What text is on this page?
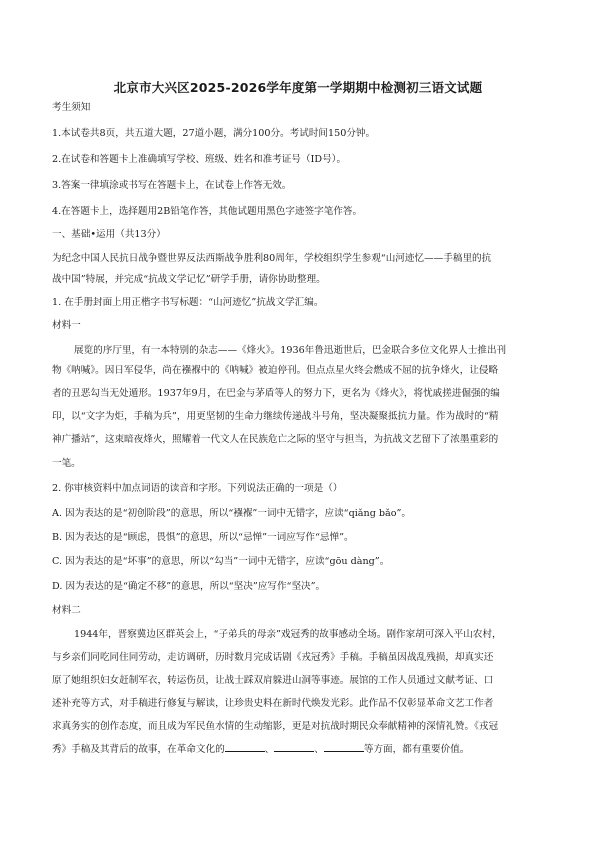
北京市大兴区2025-2026学年度第一学期期中检测初三语文试题
考生须知
1.本试卷共8页，共五道大题，27道小题，满分100分。考试时间150分钟。
2.在试卷和答题卡上准确填写学校、班级、姓名和准考证号（ID号）。
3.答案一律填涂或书写在答题卡上，在试卷上作答无效。
4.在答题卡上，选择题用2B铅笔作答，其他试题用黑色字迹签字笔作答。
一、基础•运用（共13分）
为纪念中国人民抗日战争暨世界反法西斯战争胜利80周年，学校组织学生参观“山河迹忆——手稿里的抗
战中国”特展，并完成“抗战文学记忆”研学手册，请你协助整理。
1. 在手册封面上用正楷字书写标题：“山河迹忆”抗战文学汇编。
材料一
展览的序厅里，有一本特别的杂志——《烽火》。1936年鲁迅逝世后，巴金联合多位文化界人士推出刊
物《呐喊》。因日军侵华，尚在襁褓中的《呐喊》被迫停刊。但点点星火终会燃成不屈的抗争烽火，让侵略
者的丑恶勾当无处遁形。1937年9月，在巴金与茅盾等人的努力下，更名为《烽火》，将忧戚搓进倔强的编
印，以“文字为炬，手稿为兵”，用更坚韧的生命力继续传递战斗号角，坚决凝聚抵抗力量。作为战时的“精
神广播站”，这束暗夜烽火，照耀着一代文人在民族危亡之际的坚守与担当，为抗战文艺留下了浓墨重彩的
一笔。
2. 你审核资料中加点词语的读音和字形。下列说法正确的一项是（）
A. 因为表达的是“初创阶段”的意思，所以“襁褓”一词中无错字，应读“qiǎng bǎo”。
B. 因为表达的是“顾虑，畏惧”的意思，所以“忌惮”一词应写作“忌惮”。
C. 因为表达的是“坏事”的意思，所以“勾当”一词中无错字，应读“gōu dàng”。
D. 因为表达的是“确定不移”的意思，所以“坚决”应写作“坚决”。
材料二
1944年，晋察冀边区群英会上，“子弟兵的母亲”戏冠秀的故事感动全场。剧作家胡可深入平山农村，
与乡亲们同吃同住同劳动，走访调研，历时数月完成话剧《戎冠秀》手稿。手稿虽因战乱残损，却真实还
原了她组织妇女赶制军衣，转运伤员，让战士踩双肩躲进山洞等事迹。展馆的工作人员通过文献考证、口
述补充等方式，对手稿进行修复与解读，让珍贵史料在新时代焕发光彩。此作品不仅彰显革命文艺工作者
求真务实的创作态度，而且成为军民鱼水情的生动缩影，更是对抗战时期民众奉献精神的深情礼赞。《戎冠
秀》手稿及其背后的故事，在革命文化的	、	、	等方面，都有重要价值。
